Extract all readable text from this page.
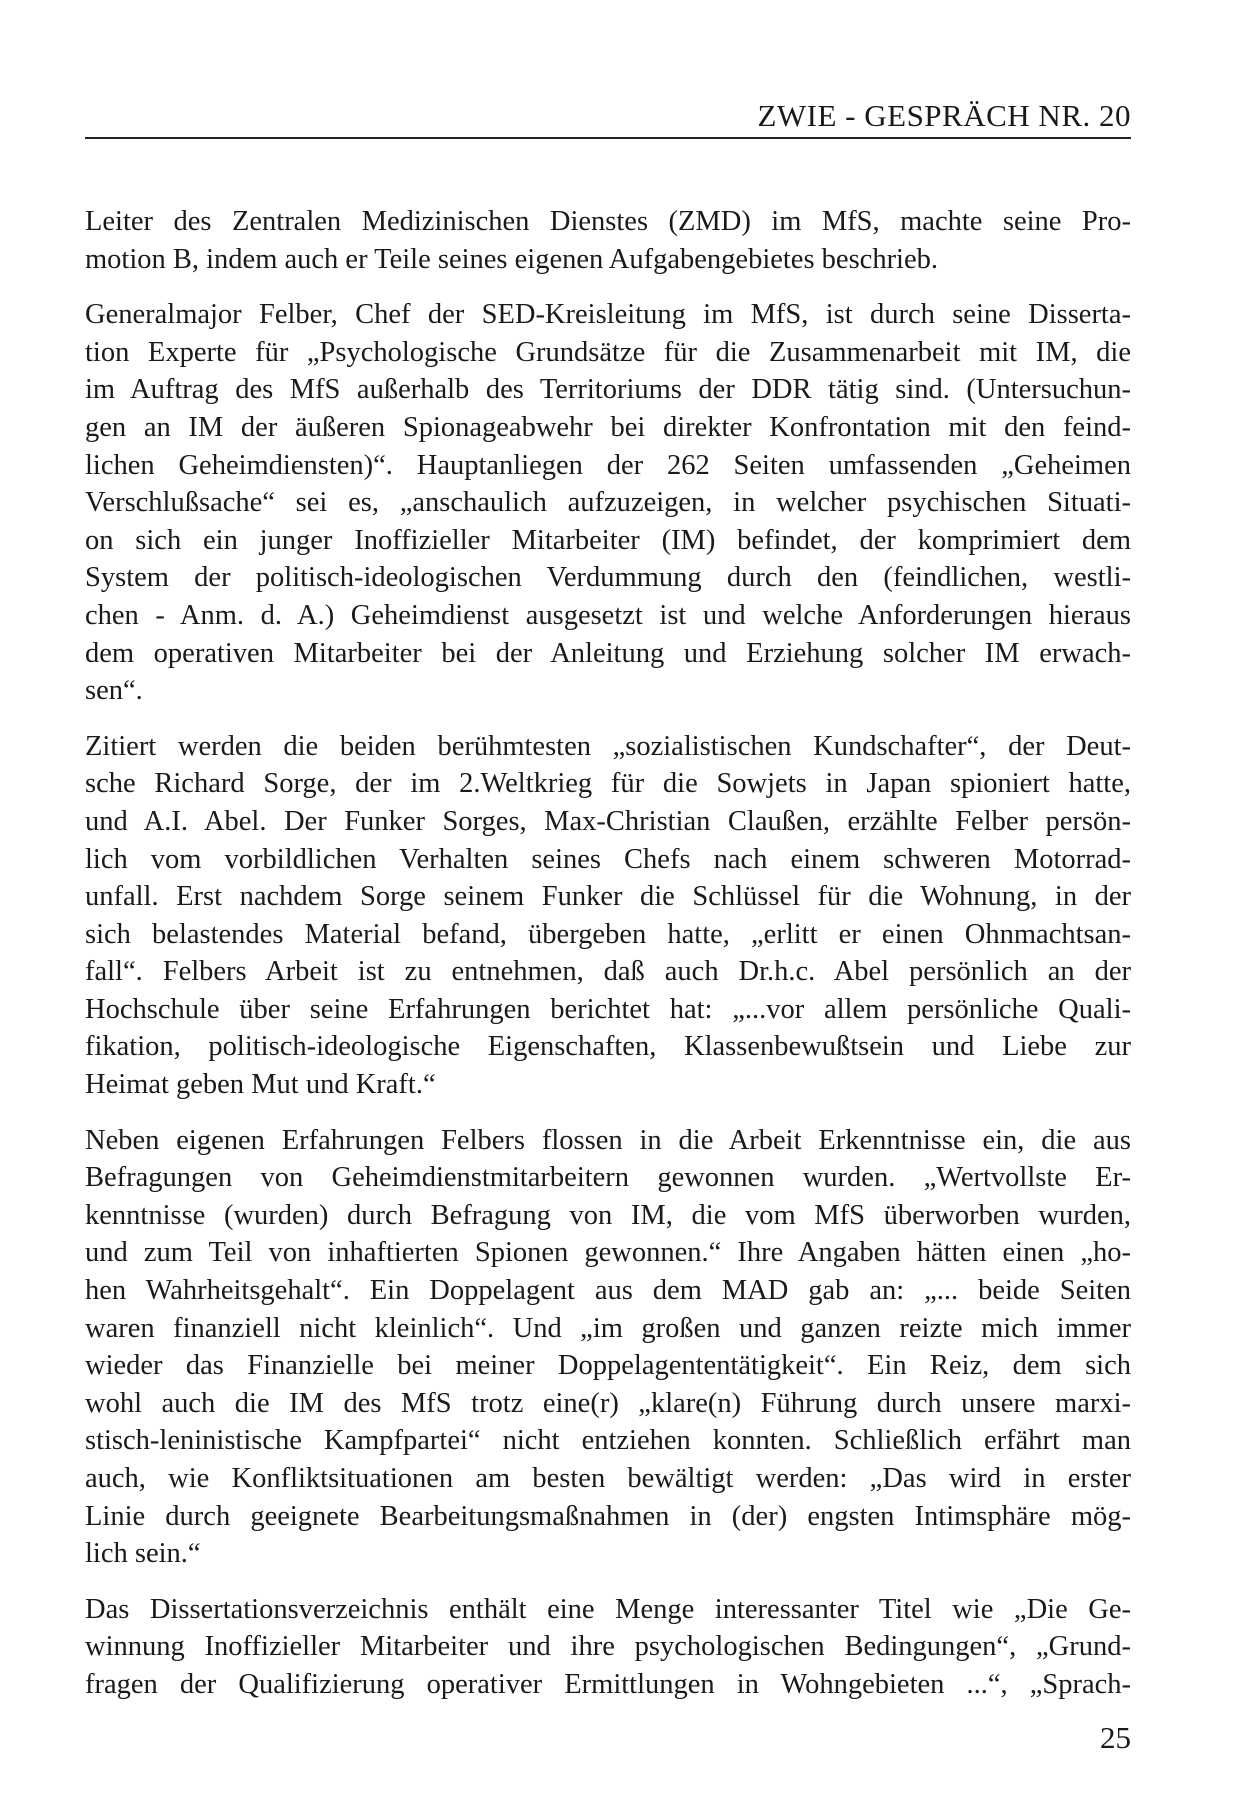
ZWIE - GESPRÄCH NR. 20
Leiter des Zentralen Medizinischen Dienstes (ZMD) im MfS, machte seine Pro-
motion B, indem auch er Teile seines eigenen Aufgabengebietes beschrieb.
Generalmajor Felber, Chef der SED-Kreisleitung im MfS, ist durch seine Disserta-
tion Experte für „Psychologische Grundsätze für die Zusammenarbeit mit IM, die
im Auftrag des MfS außerhalb des Territoriums der DDR tätig sind. (Untersuchun-
gen an IM der äußeren Spionageabwehr bei direkter Konfrontation mit den feind-
lichen Geheimdiensten)“. Hauptanliegen der 262 Seiten umfassenden „Geheimen
Verschlußsache“ sei es, „anschaulich aufzuzeigen, in welcher psychischen Situati-
on sich ein junger Inoffizieller Mitarbeiter (IM) befindet, der komprimiert dem
System der politisch-ideologischen Verdummung durch den (feindlichen, westli-
chen - Anm. d. A.) Geheimdienst ausgesetzt ist und welche Anforderungen hieraus
dem operativen Mitarbeiter bei der Anleitung und Erziehung solcher IM erwach-
sen“.
Zitiert werden die beiden berühmtesten „sozialistischen Kundschafter“, der Deut-
sche Richard Sorge, der im 2.Weltkrieg für die Sowjets in Japan spioniert hatte,
und A.I. Abel. Der Funker Sorges, Max-Christian Claußen, erzählte Felber persön-
lich vom vorbildlichen Verhalten seines Chefs nach einem schweren Motorrad-
unfall. Erst nachdem Sorge seinem Funker die Schlüssel für die Wohnung, in der
sich belastendes Material befand, übergeben hatte, „erlitt er einen Ohnmachtsan-
fall“. Felbers Arbeit ist zu entnehmen, daß auch Dr.h.c. Abel persönlich an der
Hochschule über seine Erfahrungen berichtet hat: „...vor allem persönliche Quali-
fikation, politisch-ideologische Eigenschaften, Klassenbewußtsein und Liebe zur
Heimat geben Mut und Kraft.“
Neben eigenen Erfahrungen Felbers flossen in die Arbeit Erkenntnisse ein, die aus
Befragungen von Geheimdienstmitarbeitern gewonnen wurden. „Wertvollste Er-
kenntnisse (wurden) durch Befragung von IM, die vom MfS überworben wurden,
und zum Teil von inhaftierten Spionen gewonnen.“ Ihre Angaben hätten einen „ho-
hen Wahrheitsgehalt“. Ein Doppelagent aus dem MAD gab an: „... beide Seiten
waren finanziell nicht kleinlich“. Und „im großen und ganzen reizte mich immer
wieder das Finanzielle bei meiner Doppelagententätigkeit“. Ein Reiz, dem sich
wohl auch die IM des MfS trotz eine(r) „klare(n) Führung durch unsere marxi-
stisch-leninistische Kampfpartei“ nicht entziehen konnten. Schließlich erfährt man
auch, wie Konfliktsituationen am besten bewältigt werden: „Das wird in erster
Linie durch geeignete Bearbeitungsmaßnahmen in (der) engsten Intimsphäre mög-
lich sein.“
Das Dissertationsverzeichnis enthält eine Menge interessanter Titel wie „Die Ge-
winnung Inoffizieller Mitarbeiter und ihre psychologischen Bedingungen“, „Grund-
fragen der Qualifizierung operativer Ermittlungen in Wohngebieten ...“, „Sprach-
25
